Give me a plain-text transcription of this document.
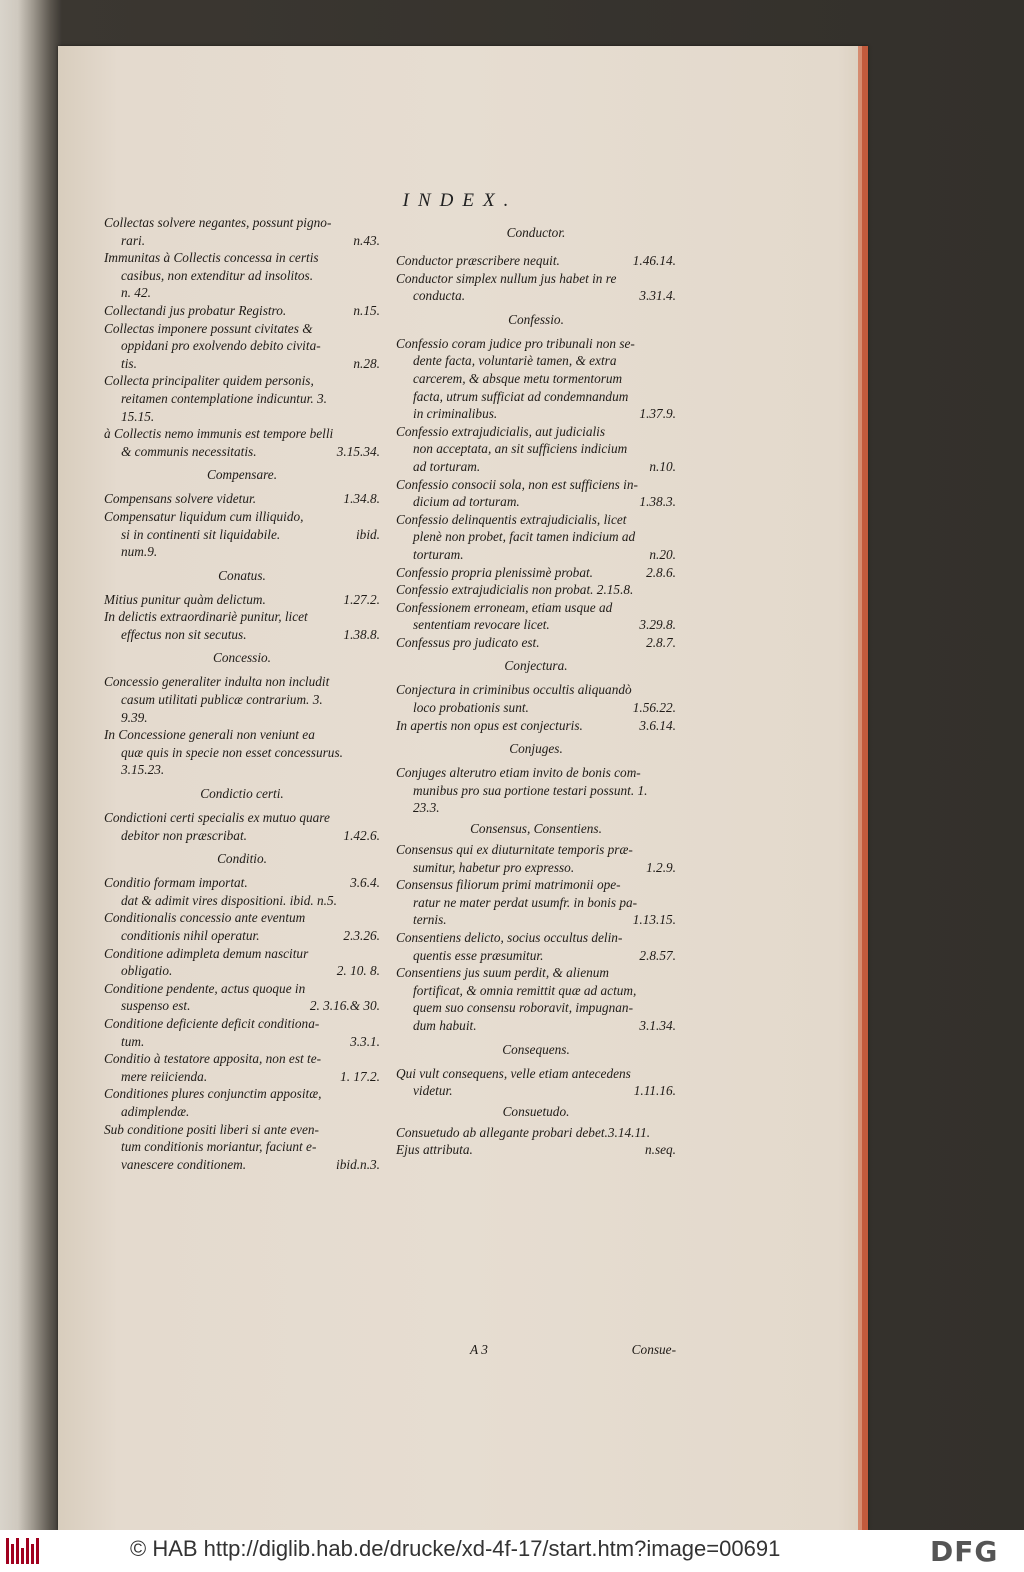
INDEX.

Collectas solvere negantes, possunt pigno-

n.43.
rari.

Immunitas à Collectis concessa in certis

casibus, non extenditur ad insolitos.

n. 42.

n.15.
Collectandi jus probatur Registro.

Collectas imponere possunt civitates &

oppidani pro exolvendo debito civita-

n.28.
tis.

Collecta principaliter quidem personis,

reitamen contemplatione indicuntur. 3.

15.15.

à Collectis nemo immunis est tempore belli

3.15.34.
& communis necessitatis.

Compensare.

1.34.8.
Compensans solvere videtur.

Compensatur liquidum cum illiquido,

ibid.
si in continenti sit liquidabile.

num.9.

Conatus.

1.27.2.
Mitius punitur quàm delictum.

In delictis extraordinariè punitur, licet

1.38.8.
effectus non sit secutus.

Concessio.

Concessio generaliter indulta non includit

casum utilitati publicæ contrarium. 3.

9.39.

In Concessione generali non veniunt ea

quæ quis in specie non esset concessurus.

3.15.23.

Condictio certi.

Condictioni certi specialis ex mutuo quare

1.42.6.
debitor non præscribat.

Conditio.

3.6.4.
Conditio formam importat.

dat & adimit vires dispositioni. ibid. n.5.

Conditionalis concessio ante eventum

2.3.26.
conditionis nihil operatur.

Conditione adimpleta demum nascitur

2. 10. 8.
obligatio.

Conditione pendente, actus quoque in

2. 3.16.& 30.
suspenso est.

Conditione deficiente deficit conditiona-

3.3.1.
tum.

Conditio à testatore apposita, non est te-

1. 17.2.
mere reiicienda.

Conditiones plures conjunctim appositæ,

adimplendæ.

Sub conditione positi liberi si ante even-

tum conditionis moriantur, faciunt e-

ibid.n.3.
vanescere conditionem.

Conductor.

1.46.14.
Conductor præscribere nequit.

Conductor simplex nullum jus habet in re

3.31.4.
conducta.

Confessio.

Confessio coram judice pro tribunali non se-

dente facta, voluntariè tamen, & extra

carcerem, & absque metu tormentorum

facta, utrum sufficiat ad condemnandum

1.37.9.
in criminalibus.

Confessio extrajudicialis, aut judicialis

non acceptata, an sit sufficiens indicium

n.10.
ad torturam.

Confessio consocii sola, non est sufficiens in-

1.38.3.
dicium ad torturam.

Confessio delinquentis extrajudicialis, licet

plenè non probet, facit tamen indicium ad

n.20.
torturam.

2.8.6.
Confessio propria plenissimè probat.

Confessio extrajudicialis non probat. 2.15.8.

Confessionem erroneam, etiam usque ad

3.29.8.
sententiam revocare licet.

2.8.7.
Confessus pro judicato est.

Conjectura.

Conjectura in criminibus occultis aliquandò

1.56.22.
loco probationis sunt.

3.6.14.
In apertis non opus est conjecturis.

Conjuges.

Conjuges alterutro etiam invito de bonis com-

munibus pro sua portione testari possunt. 1.

23.3.

Consensus, Consentiens.

Consensus qui ex diuturnitate temporis præ-

1.2.9.
sumitur, habetur pro expresso.

Consensus filiorum primi matrimonii ope-

ratur ne mater perdat usumfr. in bonis pa-

1.13.15.
ternis.

Consentiens delicto, socius occultus delin-

2.8.57.
quentis esse præsumitur.

Consentiens jus suum perdit, & alienum

fortificat, & omnia remittit quæ ad actum,

quem suo consensu roboravit, impugnan-

3.1.34.
dum habuit.

Consequens.

Qui vult consequens, velle etiam antecedens

1.11.16.
videtur.

Consuetudo.

Consuetudo ab allegante probari debet.3.14.11.

n.seq.
Ejus attributa.

A 3	Consue-
© HAB http://diglib.hab.de/drucke/xd-4f-17/start.htm?image=00691	DFG
